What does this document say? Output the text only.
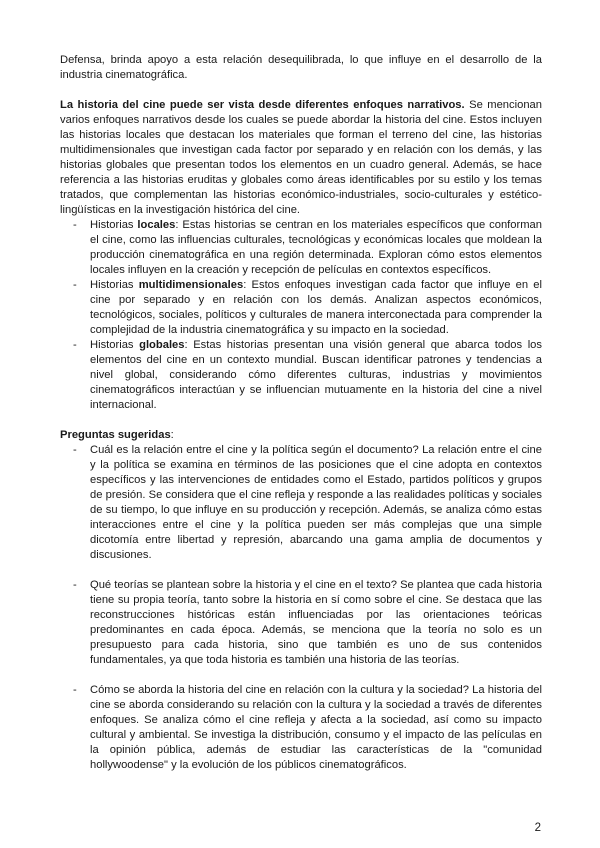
Defensa, brinda apoyo a esta relación desequilibrada, lo que influye en el desarrollo de la industria cinematográfica.

La historia del cine puede ser vista desde diferentes enfoques narrativos. Se mencionan varios enfoques narrativos desde los cuales se puede abordar la historia del cine. Estos incluyen las historias locales que destacan los materiales que forman el terreno del cine, las historias multidimensionales que investigan cada factor por separado y en relación con los demás, y las historias globales que presentan todos los elementos en un cuadro general. Además, se hace referencia a las historias eruditas y globales como áreas identificables por su estilo y los temas tratados, que complementan las historias económico-industriales, socio-culturales y estético-lingüísticas en la investigación histórica del cine.

- Historias locales: Estas historias se centran en los materiales específicos que conforman el cine, como las influencias culturales, tecnológicas y económicas locales que moldean la producción cinematográfica en una región determinada. Exploran cómo estos elementos locales influyen en la creación y recepción de películas en contextos específicos.
- Historias multidimensionales: Estos enfoques investigan cada factor que influye en el cine por separado y en relación con los demás. Analizan aspectos económicos, tecnológicos, sociales, políticos y culturales de manera interconectada para comprender la complejidad de la industria cinematográfica y su impacto en la sociedad.
- Historias globales: Estas historias presentan una visión general que abarca todos los elementos del cine en un contexto mundial. Buscan identificar patrones y tendencias a nivel global, considerando cómo diferentes culturas, industrias y movimientos cinematográficos interactúan y se influencian mutuamente en la historia del cine a nivel internacional.
Preguntas sugeridas:
- Cuál es la relación entre el cine y la política según el documento? La relación entre el cine y la política se examina en términos de las posiciones que el cine adopta en contextos específicos y las intervenciones de entidades como el Estado, partidos políticos y grupos de presión. Se considera que el cine refleja y responde a las realidades políticas y sociales de su tiempo, lo que influye en su producción y recepción. Además, se analiza cómo estas interacciones entre el cine y la política pueden ser más complejas que una simple dicotomía entre libertad y represión, abarcando una gama amplia de documentos y discusiones.
- Qué teorías se plantean sobre la historia y el cine en el texto? Se plantea que cada historia tiene su propia teoría, tanto sobre la historia en sí como sobre el cine. Se destaca que las reconstrucciones históricas están influenciadas por las orientaciones teóricas predominantes en cada época. Además, se menciona que la teoría no solo es un presupuesto para cada historia, sino que también es uno de sus contenidos fundamentales, ya que toda historia es también una historia de las teorías.
- Cómo se aborda la historia del cine en relación con la cultura y la sociedad? La historia del cine se aborda considerando su relación con la cultura y la sociedad a través de diferentes enfoques. Se analiza cómo el cine refleja y afecta a la sociedad, así como su impacto cultural y ambiental. Se investiga la distribución, consumo y el impacto de las películas en la opinión pública, además de estudiar las características de la "comunidad hollywoodense" y la evolución de los públicos cinematográficos.
2
